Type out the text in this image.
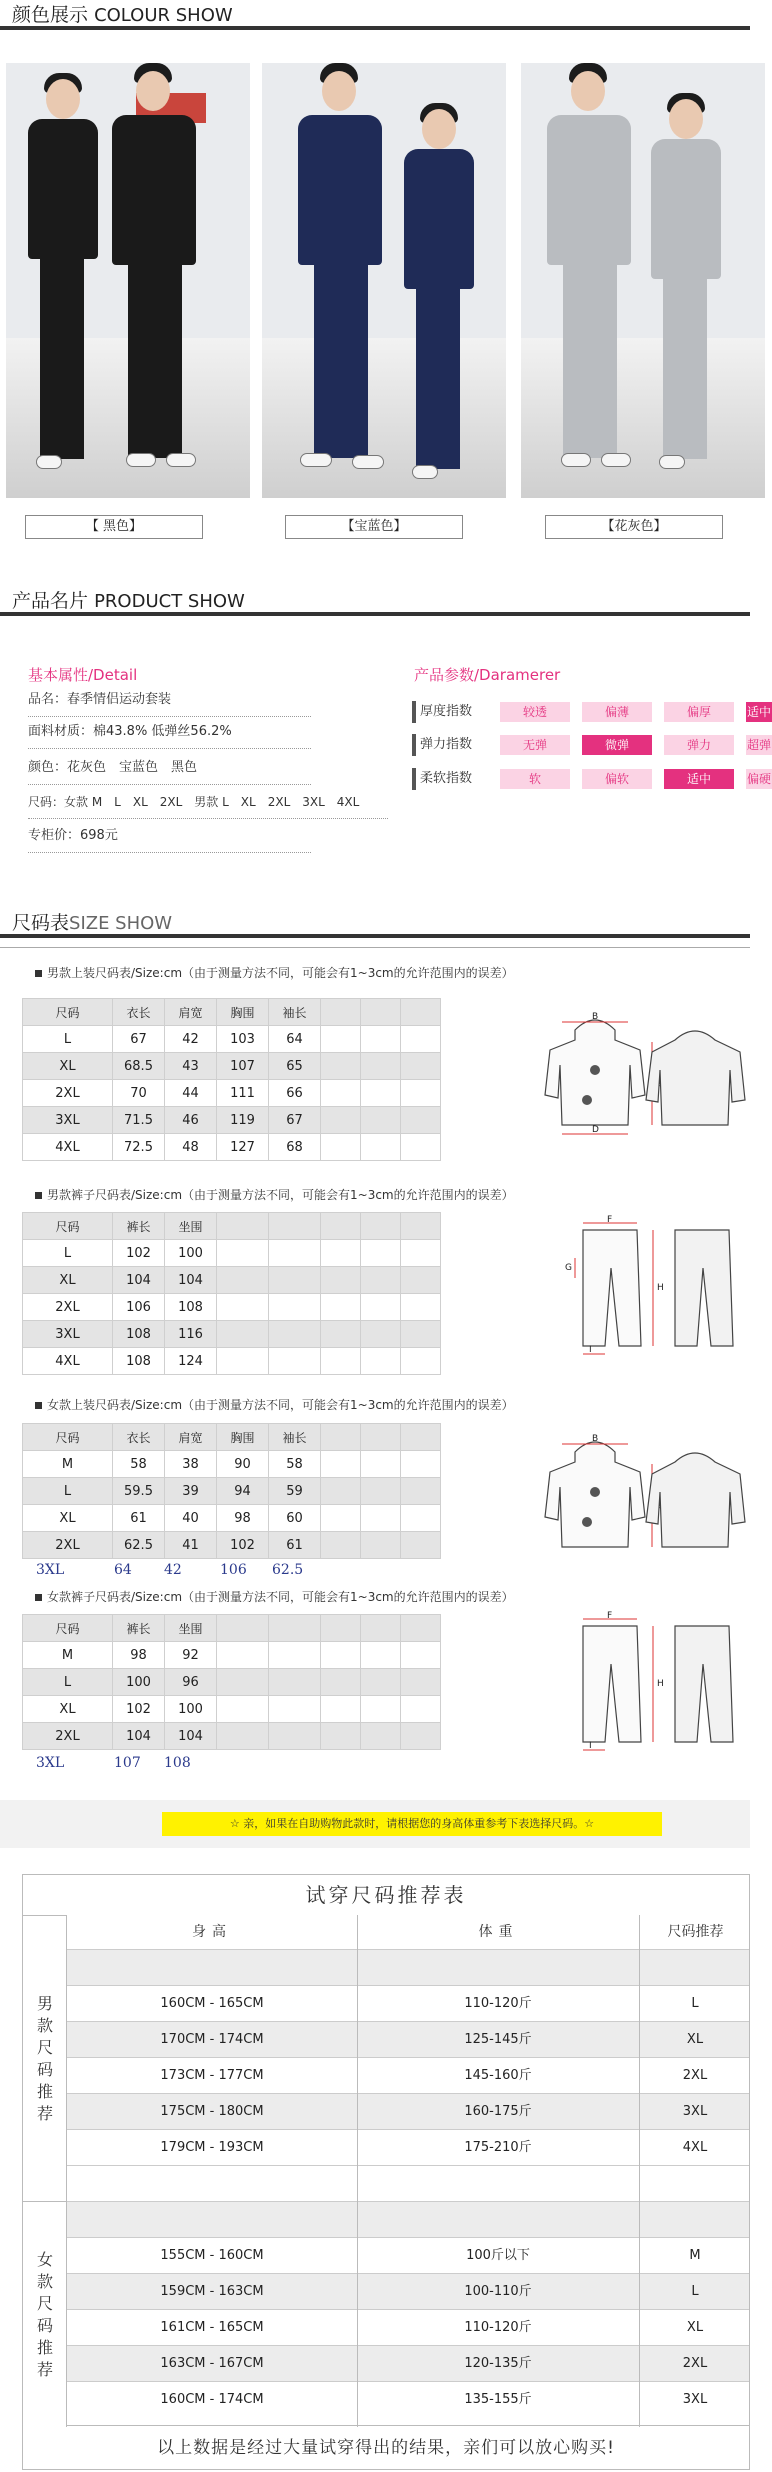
颜色展示 COLOUR SHOW
【 黑色】	【宝蓝色】	【花灰色】
产品名片 PRODUCT SHOW
基本属性/Detail
品名：春季情侣运动套装
面料材质：棉43.8% 低弹丝56.2%
颜色：花灰色　宝蓝色　黑色
尺码：女款 M　L　XL　2XL　男款 L　XL　2XL　3XL　4XL
专柜价：698元
产品参数/Daramerer
厚度指数	较透	偏薄	偏厚	适中
弹力指数	无弹	微弹	弹力	超弹
柔软指数	软	偏软	适中	偏硬
尺码表SIZE SHOW
男款上装尺码表/Size:cm（由于测量方法不同，可能会有1~3cm的允许范围内的误差）
尺码	衣长	肩宽	胸围	袖长			
L	67	42	103	64			
XL	68.5	43	107	65			
2XL	70	44	111	66			
3XL	71.5	46	119	67			
4XL	72.5	48	127	68			
B
D
男款裤子尺码表/Size:cm（由于测量方法不同，可能会有1~3cm的允许范围内的误差）
尺码	裤长	坐围					
L	102	100					
XL	104	104					
2XL	106	108					
3XL	108	116					
4XL	108	124					
F
H
G
I
女款上装尺码表/Size:cm（由于测量方法不同，可能会有1~3cm的允许范围内的误差）
尺码	衣长	肩宽	胸围	袖长			
M	58	38	90	58			
L	59.5	39	94	59			
XL	61	40	98	60			
2XL	62.5	41	102	61			
3XL	64 42	106 62.5
B
女款裤子尺码表/Size:cm（由于测量方法不同，可能会有1~3cm的允许范围内的误差）
尺码	裤长	坐围					
M	98	92					
L	100	96					
XL	102	100					
2XL	104	104					
3XL	107 108
F
H
I
☆ 亲，如果在自助购物此款时，请根据您的身高体重参考下表选择尺码。☆
试穿尺码推荐表
身高	体重	尺码推荐
以上数据是经过大量试穿得出的结果，亲们可以放心购买!
160CM - 165CM	110-120斤	L
170CM - 174CM	125-145斤	XL
173CM - 177CM	145-160斤	2XL
175CM - 180CM	160-175斤	3XL
179CM - 193CM	175-210斤	4XL
155CM - 160CM	100斤以下	M
159CM - 163CM	100-110斤	L
161CM - 165CM	110-120斤	XL
163CM - 167CM	120-135斤	2XL
160CM - 174CM	135-155斤	3XL
男
款
尺
码
推
荐
女
款
尺
码
推
荐
